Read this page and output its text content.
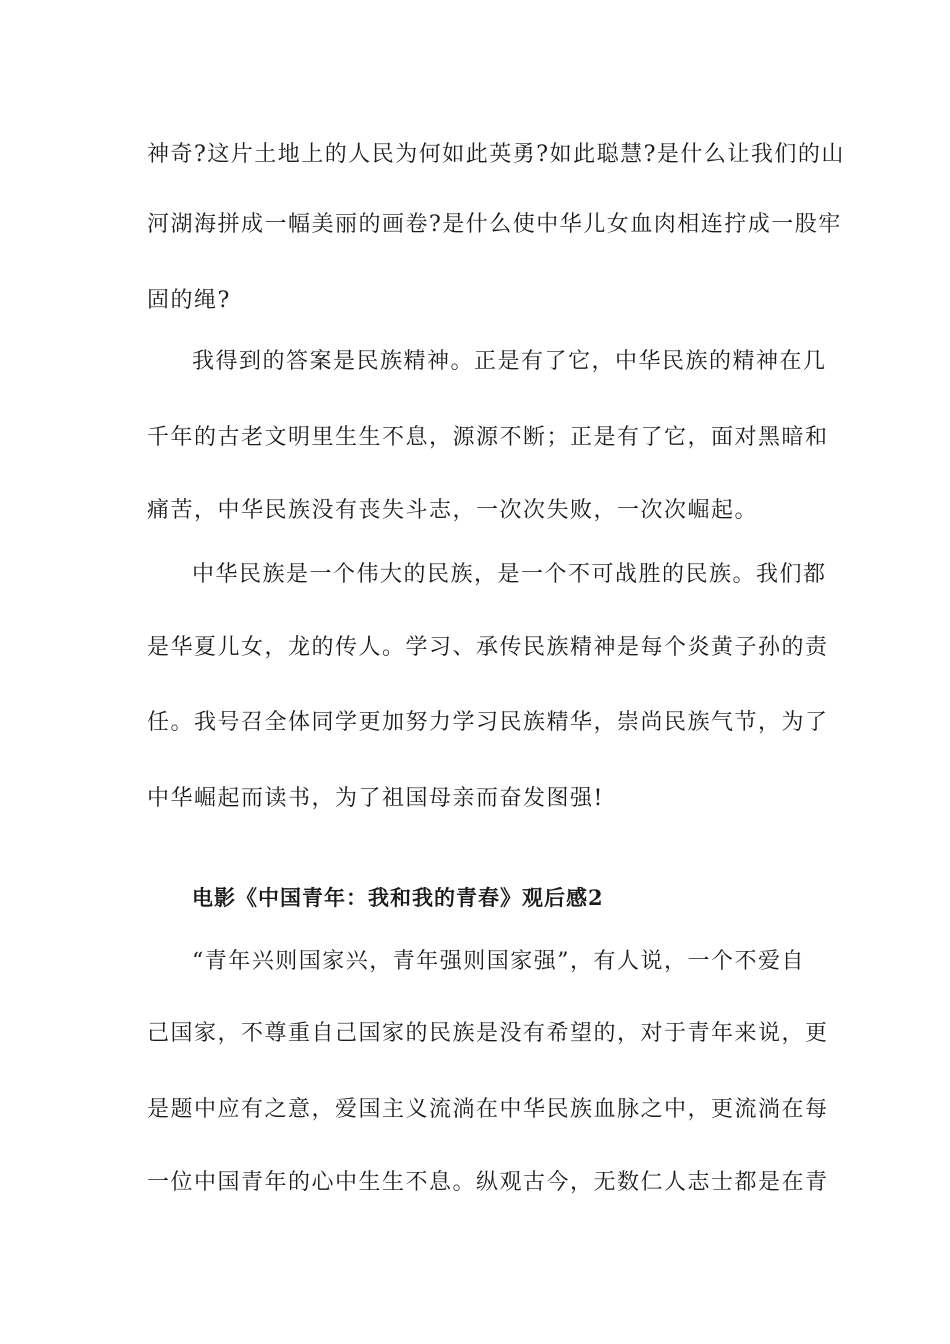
神奇?这片土地上的人民为何如此英勇?如此聪慧?是什么让我们的山
河湖海拼成一幅美丽的画卷?是什么使中华儿女血肉相连拧成一股牢
固的绳?
我得到的答案是民族精神。正是有了它，中华民族的精神在几
千年的古老文明里生生不息，源源不断；正是有了它，面对黑暗和
痛苦，中华民族没有丧失斗志，一次次失败，一次次崛起。
中华民族是一个伟大的民族，是一个不可战胜的民族。我们都
是华夏儿女，龙的传人。学习、承传民族精神是每个炎黄子孙的责
任。我号召全体同学更加努力学习民族精华，崇尚民族气节，为了
中华崛起而读书，为了祖国母亲而奋发图强!
电影《中国青年：我和我的青春》观后感2
“青年兴则国家兴，青年强则国家强”，有人说，一个不爱自
己国家，不尊重自己国家的民族是没有希望的，对于青年来说，更
是题中应有之意，爱国主义流淌在中华民族血脉之中，更流淌在每
一位中国青年的心中生生不息。纵观古今，无数仁人志士都是在青
